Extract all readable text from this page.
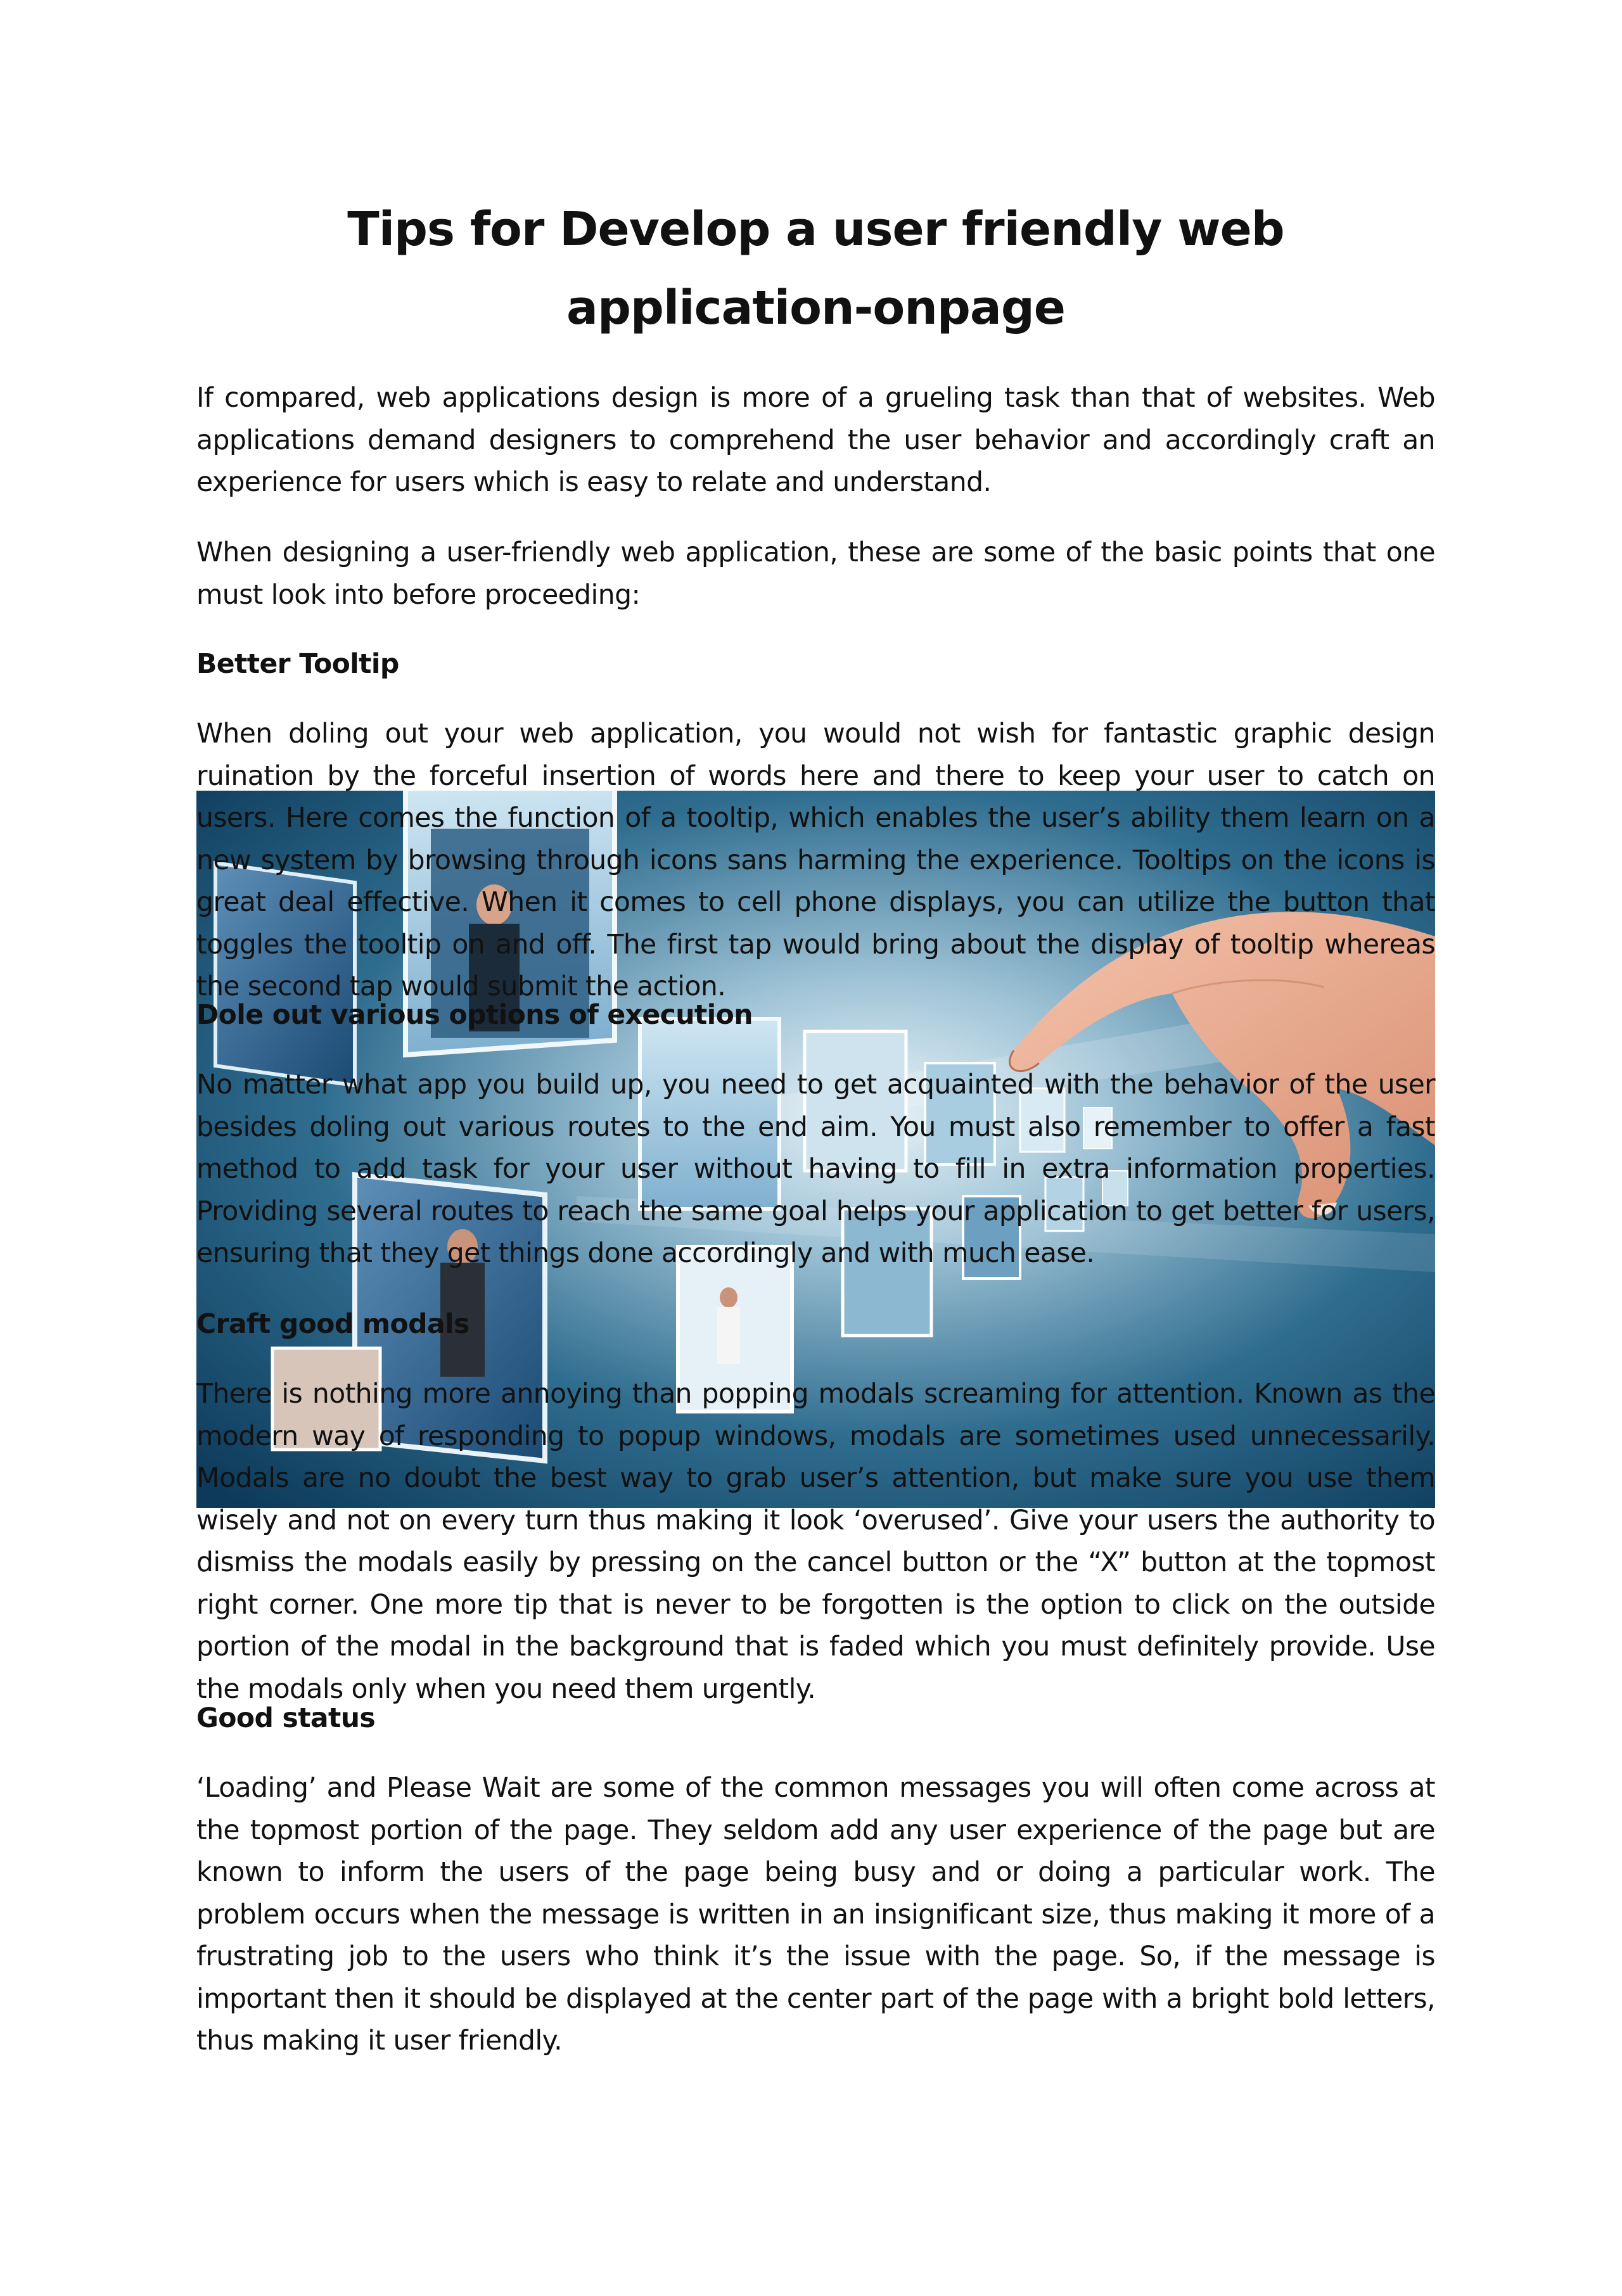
Tips for Develop a user friendly web application-onpage

If compared, web applications design is more of a grueling task than that of websites. Web applications demand designers to comprehend the user behavior and accordingly craft an experience for users which is easy to relate and understand.

When designing a user-friendly web application, these are some of the basic points that one must look into before proceeding:

Better Tooltip

When doling out your web application, you would not wish for fantastic graphic design ruination by the forceful insertion of words here and there to keep your user to catch on users. Here comes the function of a tooltip, which enables the user’s ability them learn on a new system by browsing through icons sans harming the experience. Tooltips on the icons is great deal effective. When it comes to cell phone displays, you can utilize the button that toggles the tooltip on and off. The first tap would bring about the display of tooltip whereas the second tap would submit the action.

Dole out various options of execution

No matter what app you build up, you need to get acquainted with the behavior of the user besides doling out various routes to the end aim. You must also remember to offer a fast method to add task for your user without having to fill in extra information properties. Providing several routes to reach the same goal helps your application to get better for users, ensuring that they get things done accordingly and with much ease.

Craft good modals

There is nothing more annoying than popping modals screaming for attention. Known as the modern way of responding to popup windows, modals are sometimes used unnecessarily. Modals are no doubt the best way to grab user’s attention, but make sure you use them wisely and not on every turn thus making it look ‘overused’. Give your users the authority to dismiss the modals easily by pressing on the cancel button or the “X” button at the topmost right corner. One more tip that is never to be forgotten is the option to click on the outside portion of the modal in the background that is faded which you must definitely provide. Use the modals only when you need them urgently.

Good status

‘Loading’ and Please Wait are some of the common messages you will often come across at the topmost portion of the page. They seldom add any user experience of the page but are known to inform the users of the page being busy and or doing a particular work. The problem occurs when the message is written in an insignificant size, thus making it more of a frustrating job to the users who think it’s the issue with the page. So, if the message is important then it should be displayed at the center part of the page with a bright bold letters, thus making it user friendly.
